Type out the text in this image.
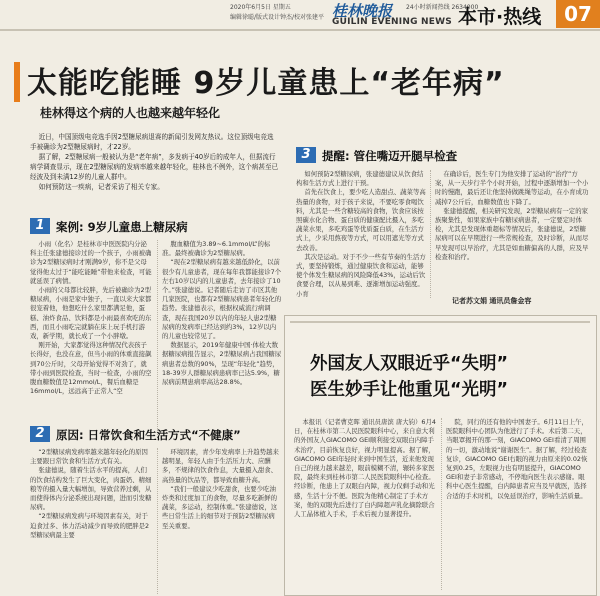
2020年6月5日 星期五
编辑徐聪/版式设计钟杰/校对张建平 桂林晚报 24小时新闻热线 2634000
GUILIN EVENING NEWS 本市·热线	07
太能吃能睡 9岁儿童患上“老年病”
桂林得这个病的人也越来越年轻化

近日，中国顶级电竞选手因2型糖尿病退赛的新闻引发网友热议。这位顶级电竞选手被确诊为2型糖尿病时，才22岁。

据了解，2型糖尿病一般被认为是“老年病”，多发病于40岁后的成年人，但据流行病学调查显示，现在2型糖尿病的发病率越来越年轻化，桂林也不例外，这个病甚至已经波及到未满12岁的儿童人群中。

如何预防这一疾病，记者采访了相关专家。

1 案例: 9岁儿童患上糖尿病

小雨（化名）是桂林市中医医院内分泌科主任张建德接诊过的一个孩子，小雨被确诊为2型糖尿病时才刚满9岁，你不是父母觉得他太过于“能吃能睡”带他来检查，可能就延误了病情。

小雨的父母都比较胖，先后被确诊为2型糖尿病，小雨是家中独子，一直以来大家都很宠着他，他想吃什么家里都满足他，蛋糕、油炸食品、饮料都是小雨最喜欢吃的东西，而且小雨吃完就躺在床上玩手机打游戏，新学期，就长成了一个小胖墩。

刚开始，大家都觉得这种情况代表孩子长得好，也没在意，但当小雨的体重直接飙到70公斤时，父母开始觉得不对劲了，就带小雨到医院检查，当时一检查，小雨的空腹血糖数值是12mmol/L，餐后血糖是16mmol/L，远远高于正常人“空

腹血糖值为3.89~6.1mmol/L”的标准。最终被确诊为2型糖尿病。

“现在2型糖尿病有越来越低龄化，以前很少有儿童患者，现在每年我都能接诊7个左右10岁以内的儿童患者，去年接诊了10个。”张建德说。记者随后走访了市区其他几家医院，也都有2型糖尿病患者年轻化的趋势。张建德表示，根据权威流行病调查，现在我国20岁以内的年轻人患2型糖尿病的发病率已经达到约3%，12岁以内的儿童也较常见了。

数据显示，2019年健康中国·体检大数据糖尿病报告显示，2型糖尿病占我国糖尿病患者总数的90%，呈现“年轻化”趋势，18-39岁人群糖尿病患病率已达5.9%，糖尿病前期患病率高达28.8%。

2 原因: 日常饮食和生活方式“不健康”

“2型糖尿病发病率越来越年轻化的原因主要跟日常饮食和生活方式有关。

张建德说，随着生活水平的提高，人们的饮食结构发生了巨大变化，肉蛋奶、精细粮等的摄入量大幅增加，导致营养过剩，从而使得体内分泌系统出现问题，进而引发糖尿病。

“2型糖尿病发病与环境因素有关，对于迫食过多、体力活动减少而导致的肥胖是2型糖尿病最主要

环境因素，青少年发病率上升趋势越来越明显，年轻人由于生活压力大、应酬多，不规律的饮食作息，大量摄入甜食、高热量的饮品等，都导致血糖升高。

“我们一般建议少吃甜食，也要少吃油炸类和过度加工的食物，尽量多吃新鲜的蔬菜，多运动，控制体重。”张建德说，这些日常生活上的细节对于预防2型糖尿病至关重要。

3 提醒: 管住嘴迈开腿早检查

如何预防2型糖尿病，张建德建议从饮食结构和生活方式上进行干预。

首先在饮食上，要少吃人造甜点、蔬菜等高热量的食物，对于孩子来说，不要吃零食喝饮料，尤其是一些含糖较高的食物，饮食应该按照碳水化合物、蛋白质的健康配比摄入，多吃蔬菜水果，多吃鸡蛋等优质蛋白质，在生活方式上，少采用熬夜等方式，可以用遮光等方式去改善。

其次是运动。对于不少一些有节奏的生活方式，要坚持锻炼，通过健康饮食和运动，能够使个体发生糖尿病的风险降低43%，运动后饮食要合理，以从易到难、逐渐增加运动强度。小育

在确诊后，医生专门为他安排了运动的“治疗”方案，从一天步行半个小时开始，过程中逐渐增加一个小时的慢跑，最后还让他坚持做跳绳等运动，在小育成功减掉7公斤后，血糖数值也下降了。

张建德提醒，相关研究发现，2型糖尿病有一定的家族聚集性，如果家族中有糖尿病患者，一定要定时体检，尤其是发现体重超标等情况后，张建德说，2型糖尿病可以在早期进行一些常规检查，及时诊断，从而尽早发现可以早治疗，尤其是如血糖偏高的人群，应及早检查和治疗。

记者苏文娟 通讯员詹金容
外国友人双眼近乎“失明”
医生妙手让他重见“光明”

本报讯（记者曹克晖 通讯员唐滨 唐大钧）6月4日，在桂林市第二人民医院眼科中心，来自意大利的外国友人GIACOMO GEI顺利接受双眼白内障手术治疗，目前恢复良好，视力明显提高。据了解，GIACOMO GEI年轻时来到中国生活，近来他发现自己的视力越来越差，眼前模糊不清，辗转多家医院，最终来到桂林市第二人民医院眼科中心检查。经诊断，他患上了双眼白内障，视力仅剩手动和光感，生活十分不便。医院为他精心制定了手术方案，他的双眼先后进行了白内障超声乳化摘除联合人工晶体植入手术，手术后视力显著提升。

院，同行的还有他的中国妻子。6月11日上午，医院眼科中心团队为他进行了手术。术后第二天，当眼罩揭开的那一刻，GIACOMO GEI看清了周围的一切，激动地说“谢谢医生”。据了解，经过检查复诊，GIACOMO GEI右眼的视力由原来的0.02恢复到0.25，左眼视力也有明显提升，GIACOMO GEI和妻子非常感动，不停地向医生表示感谢。眼科中心医生提醒，白内障患者应当及早就医，选择合适的手术时机，以免延误治疗，影响生活质量。
